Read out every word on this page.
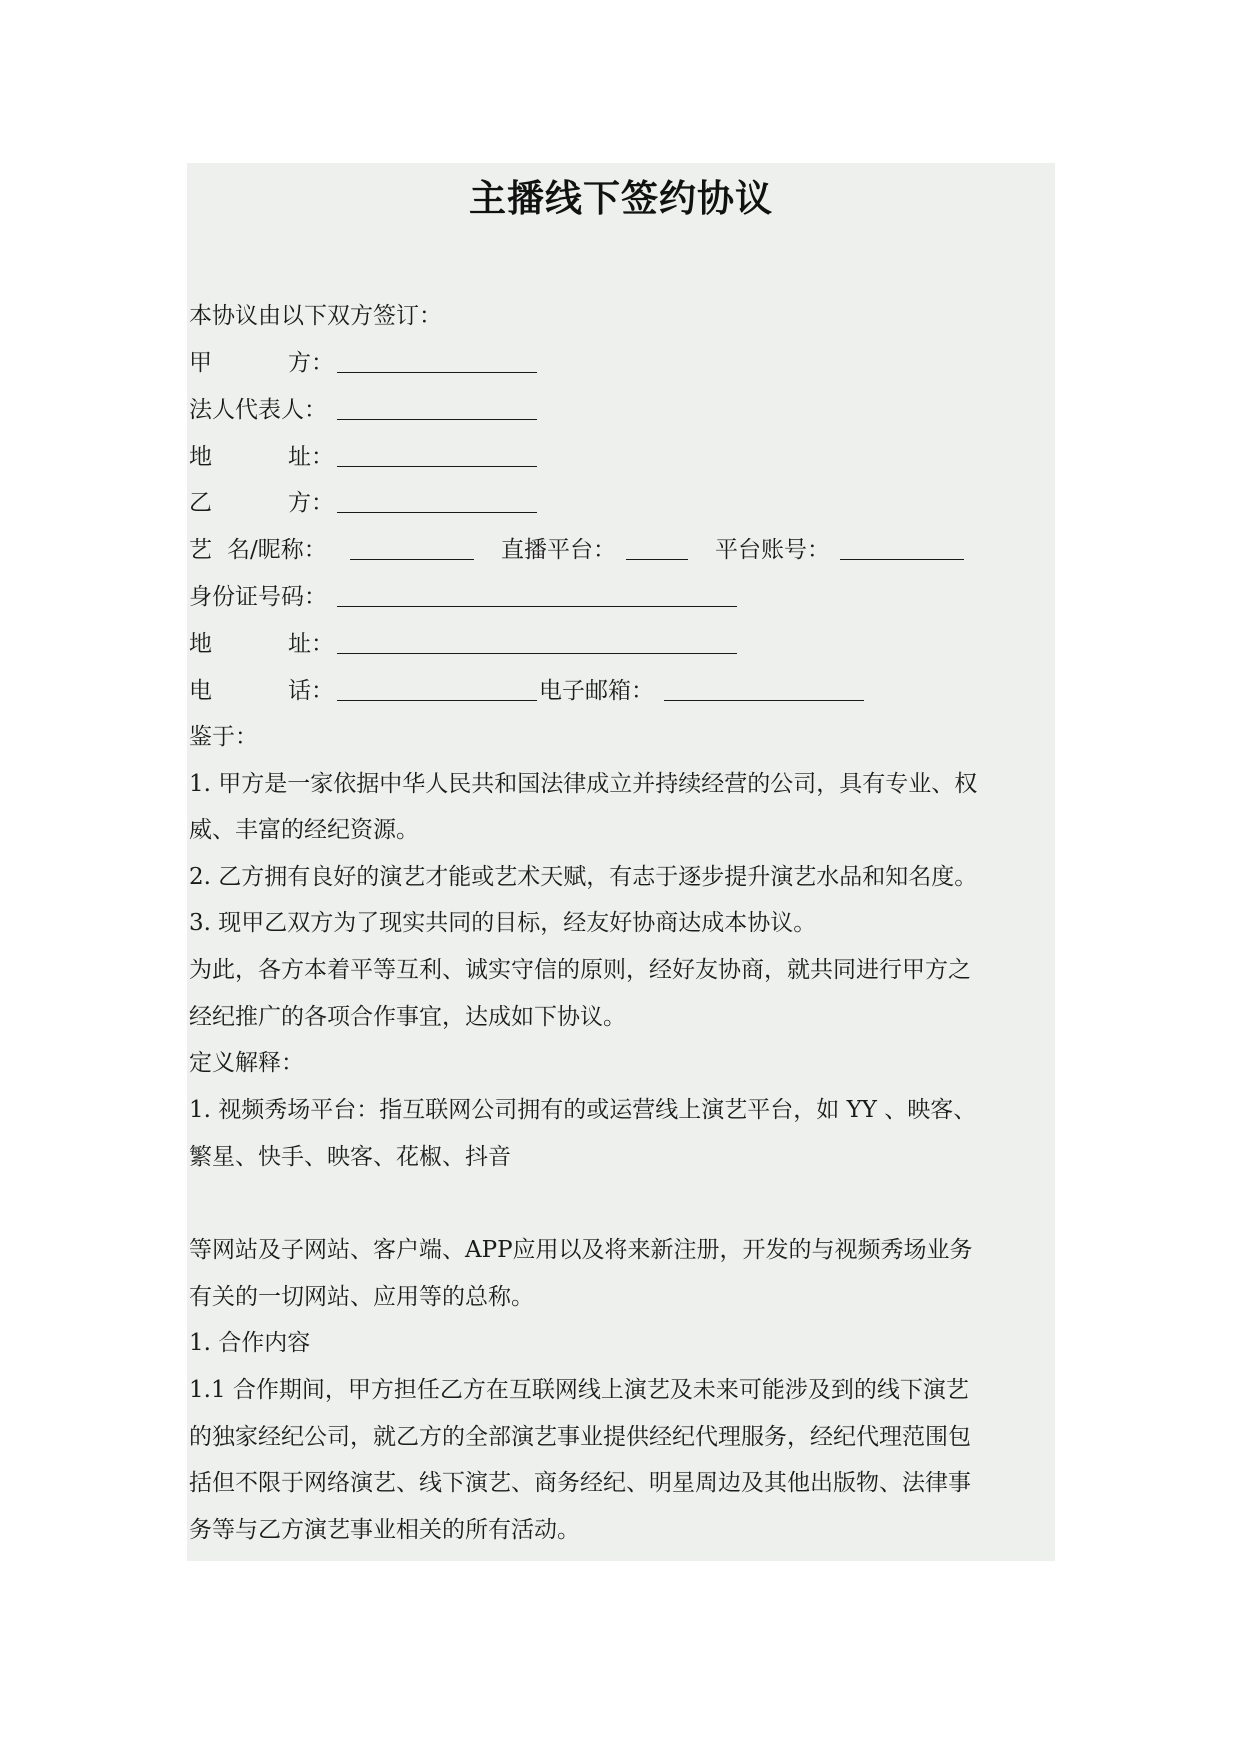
主播线下签约协议
本协议由以下双方签订：
甲	方：
法人代表人：
地	址：
乙	方：
艺 名/昵称：	直播平台：	平台账号：
身份证号码：
地	址：
电	话：	电子邮箱：
鉴于：
1. 甲方是一家依据中华人民共和国法律成立并持续经营的公司，具有专业、权
威、丰富的经纪资源。
2. 乙方拥有良好的演艺才能或艺术天赋，有志于逐步提升演艺水品和知名度。
3. 现甲乙双方为了现实共同的目标，经友好协商达成本协议。
为此，各方本着平等互利、诚实守信的原则，经好友协商，就共同进行甲方之
经纪推广的各项合作事宜，达成如下协议。
定义解释：
1. 视频秀场平台：指互联网公司拥有的或运营线上演艺平台，如 YY 、映客、
繁星、快手、映客、花椒、抖音
等网站及子网站、客户端、APP应用以及将来新注册，开发的与视频秀场业务
有关的一切网站、应用等的总称。
1. 合作内容
1.1 合作期间，甲方担任乙方在互联网线上演艺及未来可能涉及到的线下演艺
的独家经纪公司，就乙方的全部演艺事业提供经纪代理服务，经纪代理范围包
括但不限于网络演艺、线下演艺、商务经纪、明星周边及其他出版物、法律事
务等与乙方演艺事业相关的所有活动。
